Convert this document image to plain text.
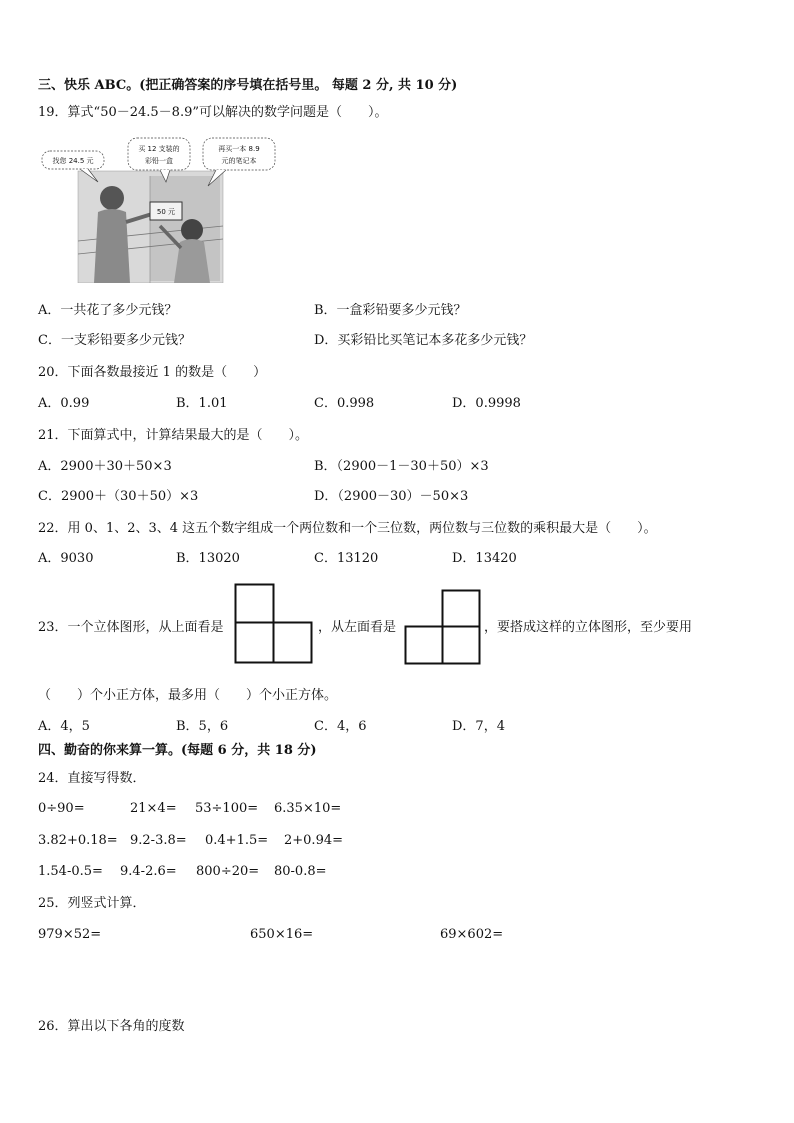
三、快乐 ABC。(把正确答案的序号填在括号里。 每题 2 分, 共 10 分)
19．算式“50－24.5－8.9”可以解决的数学问题是（　　）。
50 元
找您 24.5 元
买 12 支装的
彩铅一盒
再买一本 8.9
元的笔记本
A．一共花了多少元钱？	B．一盒彩铅要多少元钱？
C．一支彩铅要多少元钱？	D．买彩铅比买笔记本多花多少元钱？
20．下面各数最接近 1 的数是（　　）
A．0.99	B．1.01	C．0.998	D．0.9998
21．下面算式中，计算结果最大的是（　　）。
A．2900＋30＋50×3	B．（2900－1－30＋50）×3
C．2900＋（30＋50）×3	D．（2900－30）－50×3
22．用 0、1、2、3、4 这五个数字组成一个两位数和一个三位数，两位数与三位数的乘积最大是（　　）。
A．9030	B．13020	C．13120	D．13420
23．一个立体图形，从上面看是	，从左面看是	，要搭成这样的立体图形，至少要用
（　　）个小正方体，最多用（　　）个小正方体。
A．4，5	B．5，6	C．4，6	D．7，4
四、勤奋的你来算一算。(每题 6 分，共 18 分)
24．直接写得数．
0÷90=	21×4= 53÷100= 6.35×10=
3.82+0.18= 9.2-3.8= 0.4+1.5= 2+0.94=
1.54-0.5= 9.4-2.6= 800÷20= 80-0.8=
25．列竖式计算．
979×52=	650×16=	69×602=
26．算出以下各角的度数
